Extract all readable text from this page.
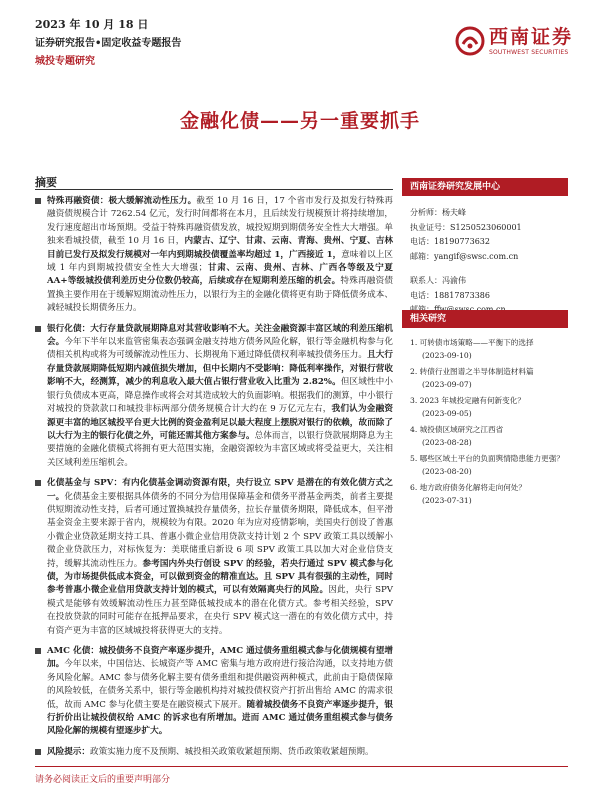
2023 年 10 月 18 日
证券研究报告•固定收益专题报告
城投专题研究
西南证券
SOUTHWEST SECURITIES
金融化债——另一重要抓手
摘要
特殊再融资债：极大缓解流动性压力。截至 10 月 16 日，17 个省市发行及拟发行特殊再融资债规模合计 7262.54 亿元，发行时间都将在本月，且后续发行规模预计将持续增加，发行速度超出市场预期。受益于特殊再融资债发放，城投短期到期债务安全性大大增强。单独来看城投债，截至 10 月 16 日，内蒙古、辽宁、甘肃、云南、青海、贵州、宁夏、吉林目前已发行及拟发行规模对一年内到期城投债覆盖率均超过 1，广西接近 1，意味着以上区域 1 年内到期城投债安全性大大增强；甘肃、云南、贵州、吉林、广西各等级及宁夏 AA+等级城投债利差历史分位数仍较高，后续或存在短期利差压缩的机会。特殊再融资债置换主要作用在于缓解短期流动性压力，以银行为主的金融化债将更有助于降低债务成本、减轻城投长期债务压力。
银行化债：大行存量贷款展期降息对其营收影响不大。关注金融资源丰富区域的利差压缩机会。今年下半年以来监管密集表态强调金融支持地方债务风险化解，银行等金融机构参与化债相关机构或将为可缓解流动性压力、长期视角下通过降低债权利率城投债务压力。且大行存量贷款展期降低短期内减值损失增加，但中长期内不受影响：降低利率操作，对银行营收影响不大，经测算，减少的利息收入最大值占银行营业收入比重为 2.82%。但区域性中小银行负债成本更高，降息操作或将会对其造成较大的负面影响。根据我们的测算，中小银行对城投的贷款款口和城投非标两部分债务规模合计大约在 9 万亿元左右，我们认为金融资源更丰富的地区城投平台更大比例的资金盈利足以最大程度上摆脱对银行的依赖，故而除了以大行为主的银行化债之外，可能还需其他方案参与。总体而言，以银行贷款展期降息为主要措施的金融化债模式将拥有更大范围实施，金融资源较为丰富区域或将受益更大，关注相关区域利差压缩机会。
化债基金与 SPV：有内化债基金调动资源有限，央行设立 SPV 是潜在的有效化债方式之一。化债基金主要根据具体债务的不同分为信用保障基金和债务平滑基金两类，前者主要提供短期流动性支持，后者可通过置换城投存量债务，拉长存量债务期限，降低成本，但平滑基金资金主要来源于省内，规模较为有限。2020 年为应对疫情影响，美国央行创设了普惠小微企业贷款延期支持工具、普惠小微企业信用贷款支持计划 2 个 SPV 政策工具以缓解小微企业贷款压力，对标恢复为：美联储重启新设 6 项 SPV 政策工具以加大对企业信贷支持，缓解其流动性压力。参考国内外央行创设 SPV 的经验，若央行通过 SPV 模式参与化债，为市场提供低成本资金，可以做到资金的精准直达。且 SPV 具有很强的主动性，同时参考普惠小微企业信用贷款支持计划的模式，可以有效隔离央行的风险。因此，央行 SPV 模式是能够有效缓解流动性压力甚至降低城投成本的潜在化债方式。参考相关经验，SPV 在投放贷款的同时可能存在抵押品要求，在央行 SPV 模式这一潜在的有效化债方式中，持有资产更为丰富的区域城投将获得更大的支持。
AMC 化债：城投债务不良资产率逐步提升，AMC 通过债务重组模式参与化债规模有望增加。今年以来，中国信达、长城资产等 AMC 密集与地方政府进行接洽沟通，以支持地方债务风险化解。AMC 参与债务化解主要有债务重组和提供融资两种模式，此前由于隐债保障的风险较低，在债务关系中，银行等金融机构持对城投债权资产打折出售给 AMC 的需求很低，故而 AMC 参与化债主要是在融资模式下展开。随着城投债务不良资产率逐步提升，银行折价出让城投债权给 AMC 的诉求也有所增加。进而 AMC 通过债务重组模式参与债务风险化解的规模有望逐步扩大。
风险提示：政策实施力度不及预期、城投相关政策收紧超预期、货币政策收紧超预期。
西南证券研究发展中心
分析师：杨夫峰
执业证号：S1250523060001
电话：18190773632
邮箱：yangif@swsc.com.cn
联系人：冯渝伟
电话：18817873386
相关研究
1. 可转债市场策略——平衡下的选择
(2023-09-10)
2. 转债行业图谱之半导体制造材料篇
(2023-09-07)
3. 2023 年城投定融有何新变化？
(2023-09-05)
4. 城投债区域研究之江西省
(2023-08-28)
5. 哪些区域土平台的负面舆情隐患能力更强？
(2023-08-20)
6. 地方政府债务化解将走向何处？
(2023-07-31)
请务必阅读正文后的重要声明部分
